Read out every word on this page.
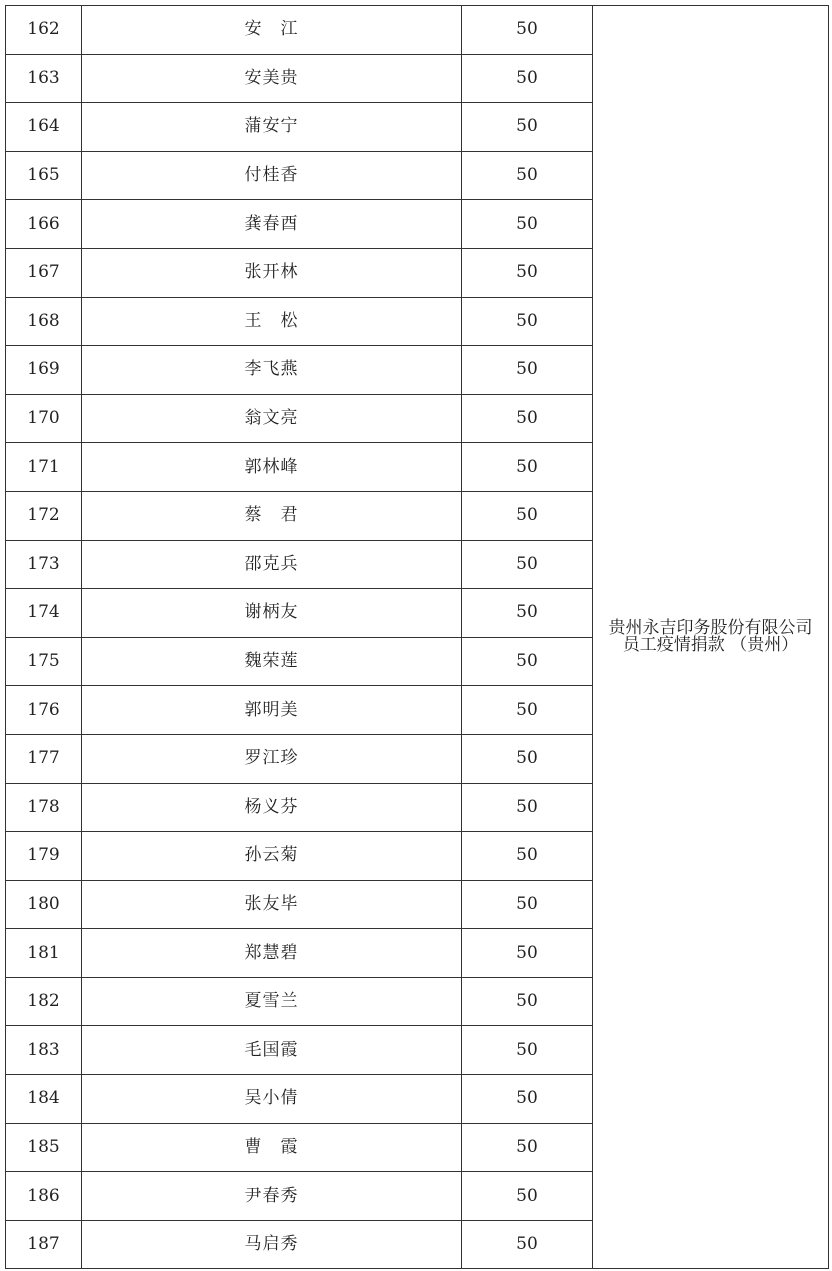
162	安　江	50	贵州永吉印务股份有限公司
员工疫情捐款 （贵州）

163	安美贵	50	
164	蒲安宁	50	
165	付桂香	50	
166	龚春酉	50	
167	张开林	50	
168	王　松	50	
169	李飞燕	50	
170	翁文亮	50	
171	郭林峰	50	
172	蔡　君	50	
173	邵克兵	50	
174	谢柄友	50	
175	魏荣莲	50	
176	郭明美	50	
177	罗江珍	50	
178	杨义芬	50	
179	孙云菊	50	
180	张友毕	50	
181	郑慧碧	50	
182	夏雪兰	50	
183	毛国霞	50	
184	吴小倩	50	
185	曹　霞	50	
186	尹春秀	50	
187	马启秀	50	
